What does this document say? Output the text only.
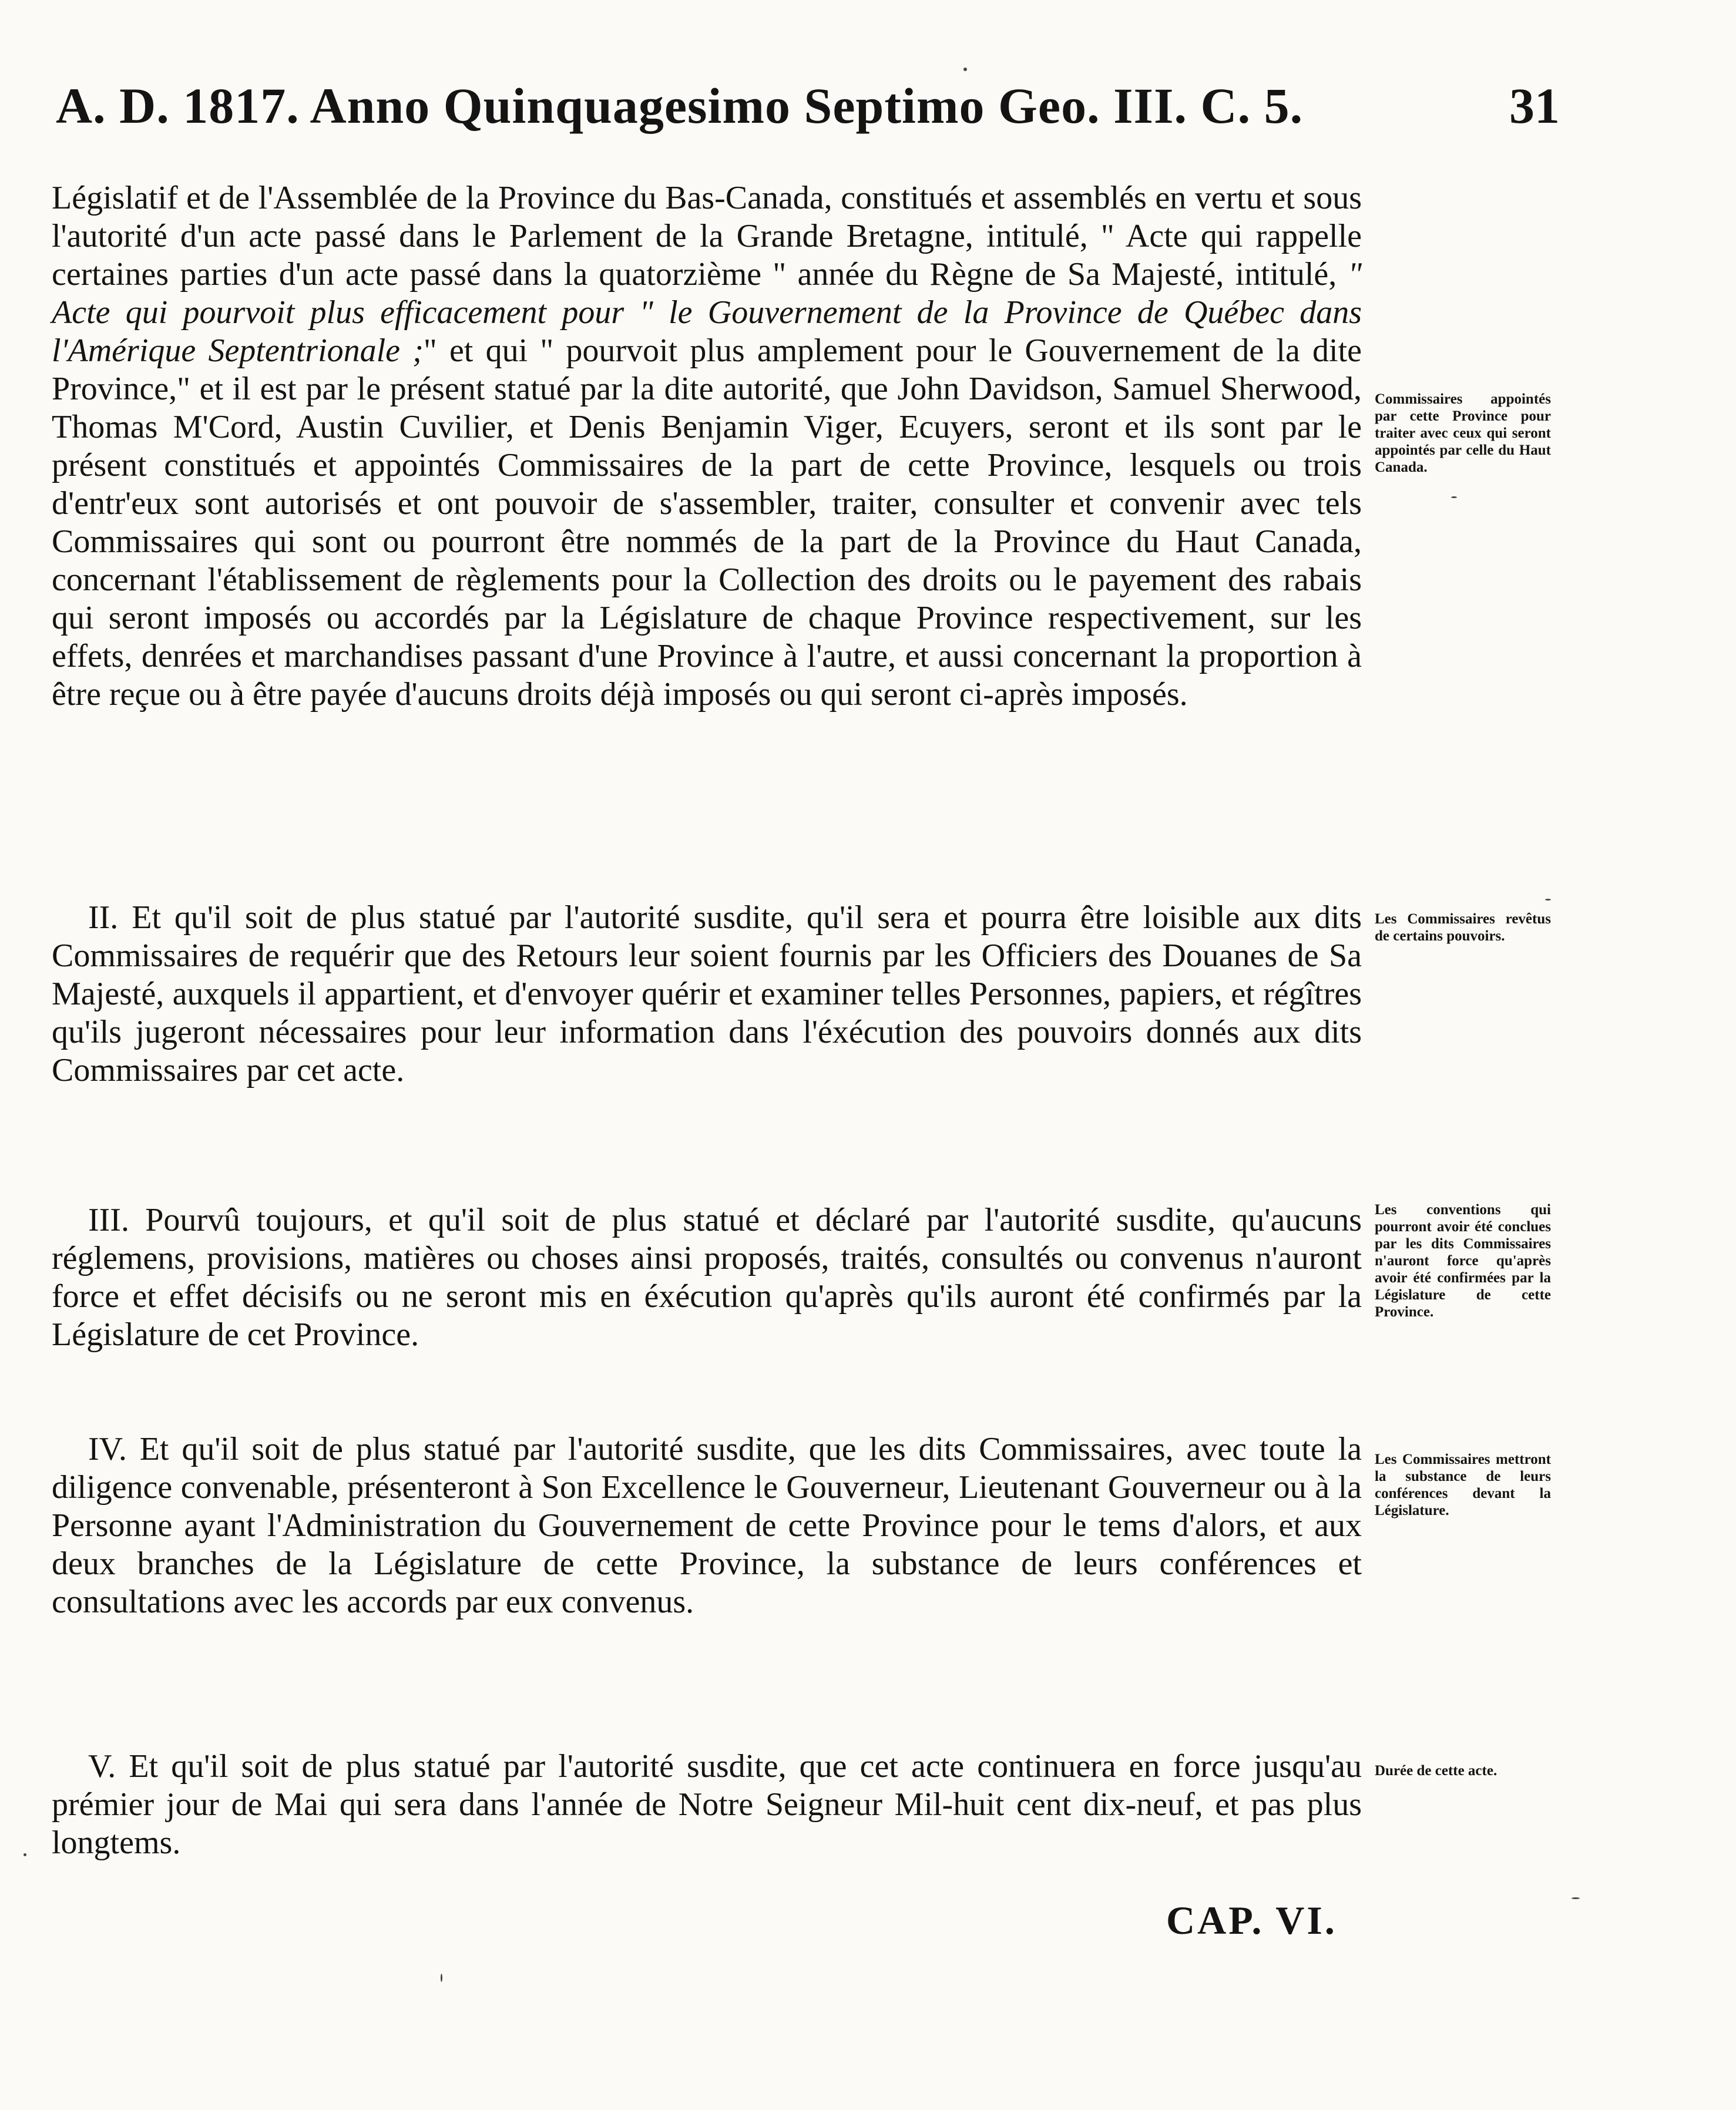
A. D. 1817. Anno Quinquagesimo Septimo Geo. III. C. 5.	31
Législatif et de l'Assemblée de la Province du Bas-Canada, constitués et assemblés en vertu et sous l'autorité d'un acte passé dans le Parlement de la Grande Bretagne, intitulé, " Acte qui rappelle certaines parties d'un acte passé dans la quatorzième " année du Règne de Sa Majesté, intitulé, " Acte qui pourvoit plus efficacement pour " le Gouvernement de la Province de Québec dans l'Amérique Septentrionale ;" et qui " pourvoit plus amplement pour le Gouvernement de la dite Province," et il est par le présent statué par la dite autorité, que John Davidson, Samuel Sherwood, Thomas M'Cord, Austin Cuvilier, et Denis Benjamin Viger, Ecuyers, seront et ils sont par le présent constitués et appointés Commissaires de la part de cette Province, lesquels ou trois d'entr'eux sont autorisés et ont pouvoir de s'assembler, traiter, consulter et convenir avec tels Commissaires qui sont ou pourront être nommés de la part de la Province du Haut Canada, concernant l'établissement de règlements pour la Collection des droits ou le payement des rabais qui seront imposés ou accordés par la Législature de chaque Province respectivement, sur les effets, denrées et marchandises passant d'une Province à l'autre, et aussi concernant la proportion à être reçue ou à être payée d'aucuns droits déjà imposés ou qui seront ci-après imposés.
Commissaires appointés par cette Province pour traiter avec ceux qui seront appointés par celle du Haut Canada.
II. Et qu'il soit de plus statué par l'autorité susdite, qu'il sera et pourra être loisible aux dits Commissaires de requérir que des Retours leur soient fournis par les Officiers des Douanes de Sa Majesté, auxquels il appartient, et d'envoyer quérir et examiner telles Personnes, papiers, et régîtres qu'ils jugeront nécessaires pour leur information dans l'éxécution des pouvoirs donnés aux dits Commissaires par cet acte.
Les Commissaires revêtus de certains pouvoirs.
III. Pourvû toujours, et qu'il soit de plus statué et déclaré par l'autorité susdite, qu'aucuns réglemens, provisions, matières ou choses ainsi proposés, traités, consultés ou convenus n'auront force et effet décisifs ou ne seront mis en éxécution qu'après qu'ils auront été confirmés par la Législature de cet Province.
Les conventions qui pourront avoir été conclues par les dits Commissaires n'auront force qu'après avoir été confirmées par la Législature de cette Province.
IV. Et qu'il soit de plus statué par l'autorité susdite, que les dits Commissaires, avec toute la diligence convenable, présenteront à Son Excellence le Gouverneur, Lieutenant Gouverneur ou à la Personne ayant l'Administration du Gouvernement de cette Province pour le tems d'alors, et aux deux branches de la Législature de cette Province, la substance de leurs conférences et consultations avec les accords par eux convenus.
Les Commissaires mettront la substance de leurs conférences devant la Législature.
V. Et qu'il soit de plus statué par l'autorité susdite, que cet acte continuera en force jusqu'au prémier jour de Mai qui sera dans l'année de Notre Seigneur Mil-huit cent dix-neuf, et pas plus longtems.
Durée de cette acte.
CAP. VI.
